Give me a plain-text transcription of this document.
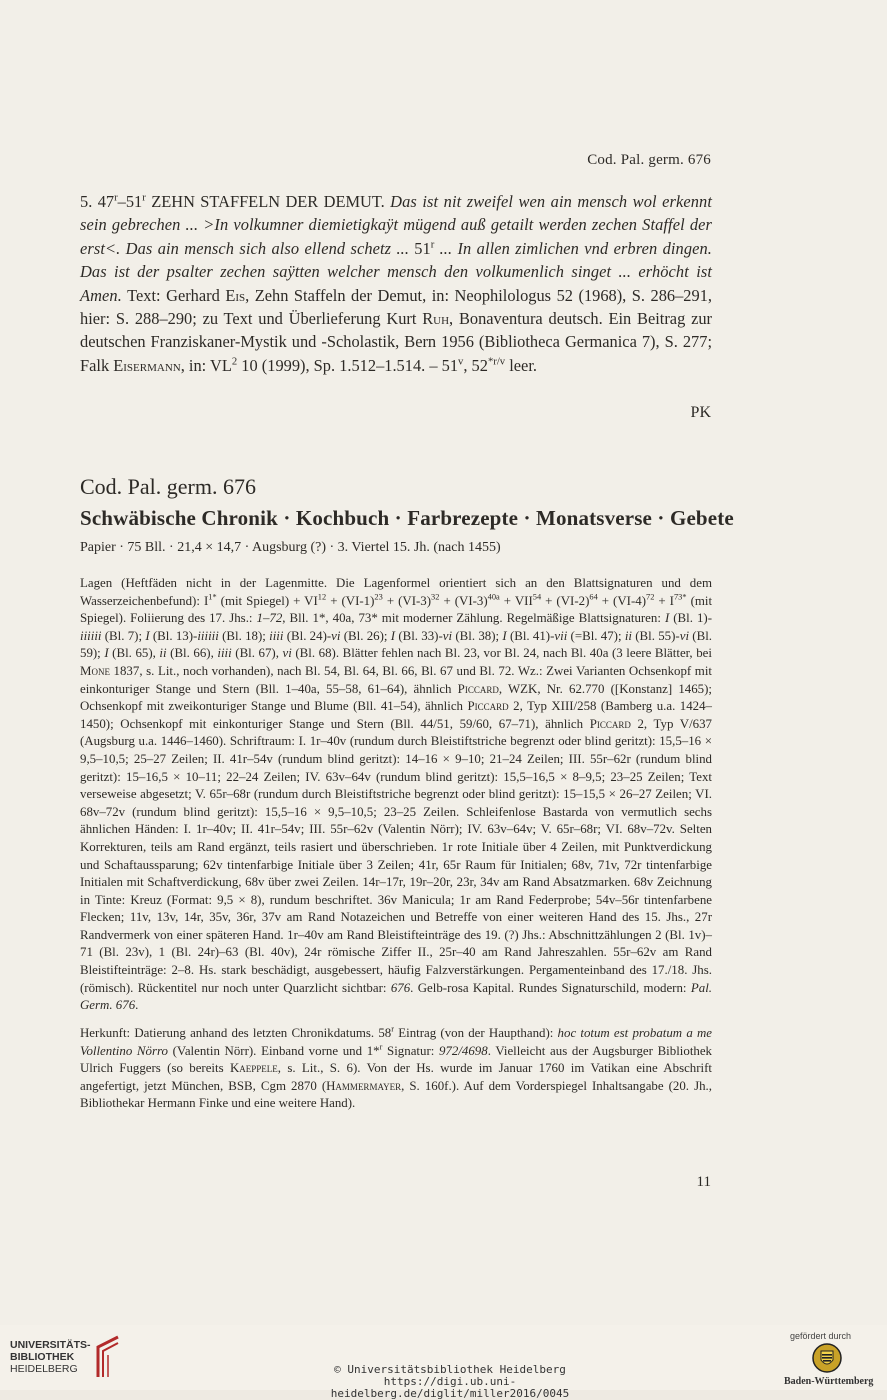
Cod. Pal. germ. 676
5. 47$^r$–51$^r$ ZEHN STAFFELN DER DEMUT. Das ist nit zweifel wen ain mensch wol erkennt sein gebrechen ... >In volkumner diemietigkaÿt mügend auß getailt werden zechen Staffel der erst<. Das ain mensch sich also ellend schetz ... 51$^r$ ... In allen zimlichen vnd erbren dingen. Das ist der psalter zechen saÿtten welcher mensch den volkumenlich singet ... erhöcht ist Amen. Text: Gerhard Eis, Zehn Staffeln der Demut, in: Neophilologus 52 (1968), S. 286–291, hier: S. 288–290; zu Text und Überlieferung Kurt Ruh, Bonaventura deutsch. Ein Beitrag zur deutschen Franziskaner-Mystik und -Scholastik, Bern 1956 (Bibliotheca Germanica 7), S. 277; Falk Eisermann, in: $VL^2$ 10 (1999), Sp. 1.512–1.514. – 51$^v$, $52^{*r/v}$ leer.
PK
Cod. Pal. germ. 676
Schwäbische Chronik · Kochbuch · Farbrezepte · Monatsverse · Gebete
Papier · 75 Bll. · 21,4 × 14,7 · Augsburg (?) · 3. Viertel 15. Jh. (nach 1455)
Lagen (Heftfäden nicht in der Lagenmitte. Die Lagenformel orientiert sich an den Blattsignaturen und dem Wasserzeichenbefund): $I^{1*}$ (mit Spiegel) + $VI^{12} + (VI-1)^{23} + (VI-3)^{32} + (VI-3)^{40a} + VII^{54} + (VI-2)^{64} + (VI-4)^{72} + I^{73*}$ (mit Spiegel). Foliierung des 17. Jhs.: 1–72, Bll. 1*, 40a, 73* mit moderner Zählung. Regelmäßige Blattsignaturen: I (Bl. 1)-iiiiii (Bl. 7); I (Bl. 13)-iiiiii (Bl. 18); iiii (Bl. 24)-vi (Bl. 26); I (Bl. 33)-vi (Bl. 38); I (Bl. 41)-vii (=Bl. 47); ii (Bl. 55)-vi (Bl. 59); I (Bl. 65), ii (Bl. 66), iiii (Bl. 67), vi (Bl. 68). Blätter fehlen nach Bl. 23, vor Bl. 24, nach Bl. 40a (3 leere Blätter, bei Mone 1837, s. Lit., noch vorhanden), nach Bl. 54, Bl. 64, Bl. 66, Bl. 67 und Bl. 72. Wz.: Zwei Varianten Ochsenkopf mit einkonturiger Stange und Stern (Bll. 1–40a, 55–58, 61–64), ähnlich Piccard, WZK, Nr. 62.770 ([Konstanz] 1465); Ochsenkopf mit zweikonturiger Stange und Blume (Bll. 41–54), ähnlich Piccard 2, Typ XIII/258 (Bamberg u.a. 1424–1450); Ochsenkopf mit einkonturiger Stange und Stern (Bll. 44/51, 59/60, 67–71), ähnlich Piccard 2, Typ V/637 (Augsburg u.a. 1446–1460). Schriftraum: I. 1r–40v (rundum durch Bleistiftstriche begrenzt oder blind geritzt): 15,5–16 × 9,5–10,5; 25–27 Zeilen; II. 41r–54v (rundum blind geritzt): 14–16 × 9–10; 21–24 Zeilen; III. 55r–62r (rundum blind geritzt): 15–16,5 × 10–11; 22–24 Zeilen; IV. 63v–64v (rundum blind geritzt): 15,5–16,5 × 8–9,5; 23–25 Zeilen; Text verseweise abgesetzt; V. 65r–68r (rundum durch Bleistiftstriche begrenzt oder blind geritzt): 15–15,5 × 26–27 Zeilen; VI. 68v–72v (rundum blind geritzt): 15,5–16 × 9,5–10,5; 23–25 Zeilen. Schleifenlose Bastarda von vermutlich sechs ähnlichen Händen: I. 1r–40v; II. 41r–54v; III. 55r–62v (Valentin Nörr); IV. 63v–64v; V. 65r–68r; VI. 68v–72v. Selten Korrekturen, teils am Rand ergänzt, teils rasiert und überschrieben. 1r rote Initiale über 4 Zeilen, mit Punktverdickung und Schaftaussparung; 62v tintenfarbige Initiale über 3 Zeilen; 41r, 65r Raum für Initialen; 68v, 71v, 72r tintenfarbige Initialen mit Schaftverdickung, 68v über zwei Zeilen. 14r–17r, 19r–20r, 23r, 34v am Rand Absatzmarken. 68v Zeichnung in Tinte: Kreuz (Format: 9,5 × 8), rundum beschriftet. 36v Manicula; 1r am Rand Federprobe; 54v–56r tintenfarbene Flecken; 11v, 13v, 14r, 35v, 36r, 37v am Rand Notazeichen und Betreffe von einer weiteren Hand des 15. Jhs., 27r Randvermerk von einer späteren Hand. 1r–40v am Rand Bleistifteinträge des 19. (?) Jhs.: Abschnittzählungen 2 (Bl. 1v)–71 (Bl. 23v), 1 (Bl. 24r)–63 (Bl. 40v), 24r römische Ziffer II., 25r–40 am Rand Jahreszahlen. 55r–62v am Rand Bleistifteinträge: 2–8. Hs. stark beschädigt, ausgebessert, häufig Falzverstärkungen. Pergamenteinband des 17./18. Jhs. (römisch). Rückentitel nur noch unter Quarzlicht sichtbar: 676. Gelb-rosa Kapital. Rundes Signaturschild, modern: Pal. Germ. 676.
Herkunft: Datierung anhand des letzten Chronikdatums. 58$^r$ Eintrag (von der Haupthand): hoc totum est probatum a me Vollentino Nörro (Valentin Nörr). Einband vorne und 1*$^r$ Signatur: 972/4698. Vielleicht aus der Augsburger Bibliothek Ulrich Fuggers (so bereits Kaeppele, s. Lit., S. 6). Von der Hs. wurde im Januar 1760 im Vatikan eine Abschrift angefertigt, jetzt München, BSB, Cgm 2870 (Hammermayer, S. 160f.). Auf dem Vorderspiegel Inhaltsangabe (20. Jh., Bibliothekar Hermann Finke und eine weitere Hand).
11
UNIVERSITÄTS-
BIBLIOTHEK
HEIDELBERG	© Universitätsbibliothek Heidelberg
https://digi.ub.uni-heidelberg.de/diglit/miller2016/0045
gefördert durch
Baden-Württemberg
